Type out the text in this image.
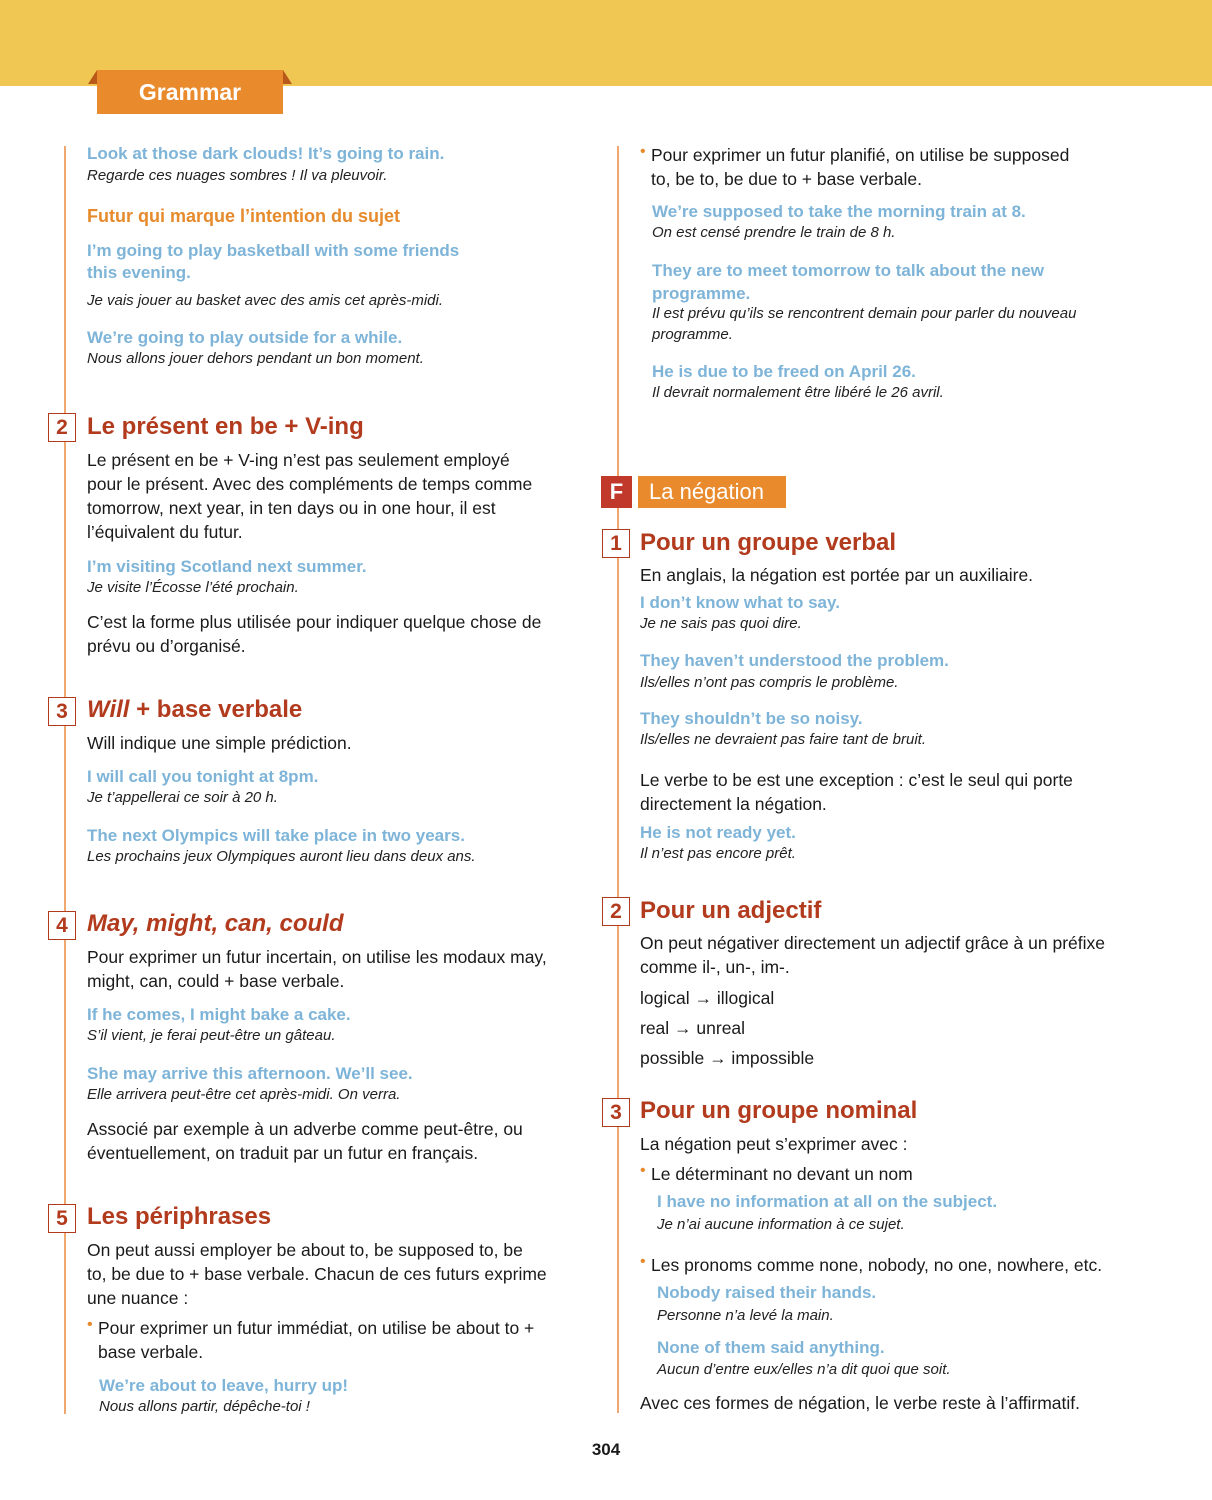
Grammar
Look at those dark clouds! It’s going to rain.
Regarde ces nuages sombres ! Il va pleuvoir.
Futur qui marque l’intention du sujet
I’m going to play basketball with some friends
this evening.
Je vais jouer au basket avec des amis cet après-midi.
We’re going to play outside for a while.
Nous allons jouer dehors pendant un bon moment.
2 Le présent en be + V-ing
Le présent en be + V-ing n’est pas seulement employé
pour le présent. Avec des compléments de temps comme
tomorrow, next year, in ten days ou in one hour, il est
l’équivalent du futur.
I’m visiting Scotland next summer.
Je visite l’Écosse l’été prochain.
C’est la forme plus utilisée pour indiquer quelque chose de
prévu ou d’organisé.
3 Will + base verbale
Will indique une simple prédiction.
I will call you tonight at 8pm.
Je t’appellerai ce soir à 20 h.
The next Olympics will take place in two years.
Les prochains jeux Olympiques auront lieu dans deux ans.
4 May, might, can, could
Pour exprimer un futur incertain, on utilise les modaux may,
might, can, could + base verbale.
If he comes, I might bake a cake.
S’il vient, je ferai peut-être un gâteau.
She may arrive this afternoon. We’ll see.
Elle arrivera peut-être cet après-midi. On verra.
Associé par exemple à un adverbe comme peut-être, ou
éventuellement, on traduit par un futur en français.
5 Les périphrases
On peut aussi employer be about to, be supposed to, be
to, be due to + base verbale. Chacun de ces futurs exprime
une nuance :
• Pour exprimer un futur immédiat, on utilise be about to +
base verbale.
We’re about to leave, hurry up!
Nous allons partir, dépêche-toi !
• Pour exprimer un futur planifié, on utilise be supposed
to, be to, be due to + base verbale.
We’re supposed to take the morning train at 8.
On est censé prendre le train de 8 h.
They are to meet tomorrow to talk about the new
programme.
Il est prévu qu’ils se rencontrent demain pour parler du nouveau
programme.
He is due to be freed on April 26.
Il devrait normalement être libéré le 26 avril.
F	La négation
1 Pour un groupe verbal
En anglais, la négation est portée par un auxiliaire.
I don’t know what to say.
Je ne sais pas quoi dire.
They haven’t understood the problem.
Ils/elles n’ont pas compris le problème.
They shouldn’t be so noisy.
Ils/elles ne devraient pas faire tant de bruit.
Le verbe to be est une exception : c’est le seul qui porte
directement la négation.
He is not ready yet.
Il n’est pas encore prêt.
2 Pour un adjectif
On peut négativer directement un adjectif grâce à un préfixe
comme il-, un-, im-.
logical → illogical
real → unreal
possible → impossible
3 Pour un groupe nominal
La négation peut s’exprimer avec :
• Le déterminant no devant un nom
I have no information at all on the subject.
Je n’ai aucune information à ce sujet.
• Les pronoms comme none, nobody, no one, nowhere, etc.
Nobody raised their hands.
Personne n’a levé la main.
None of them said anything.
Aucun d’entre eux/elles n’a dit quoi que soit.
Avec ces formes de négation, le verbe reste à l’affirmatif.
304
